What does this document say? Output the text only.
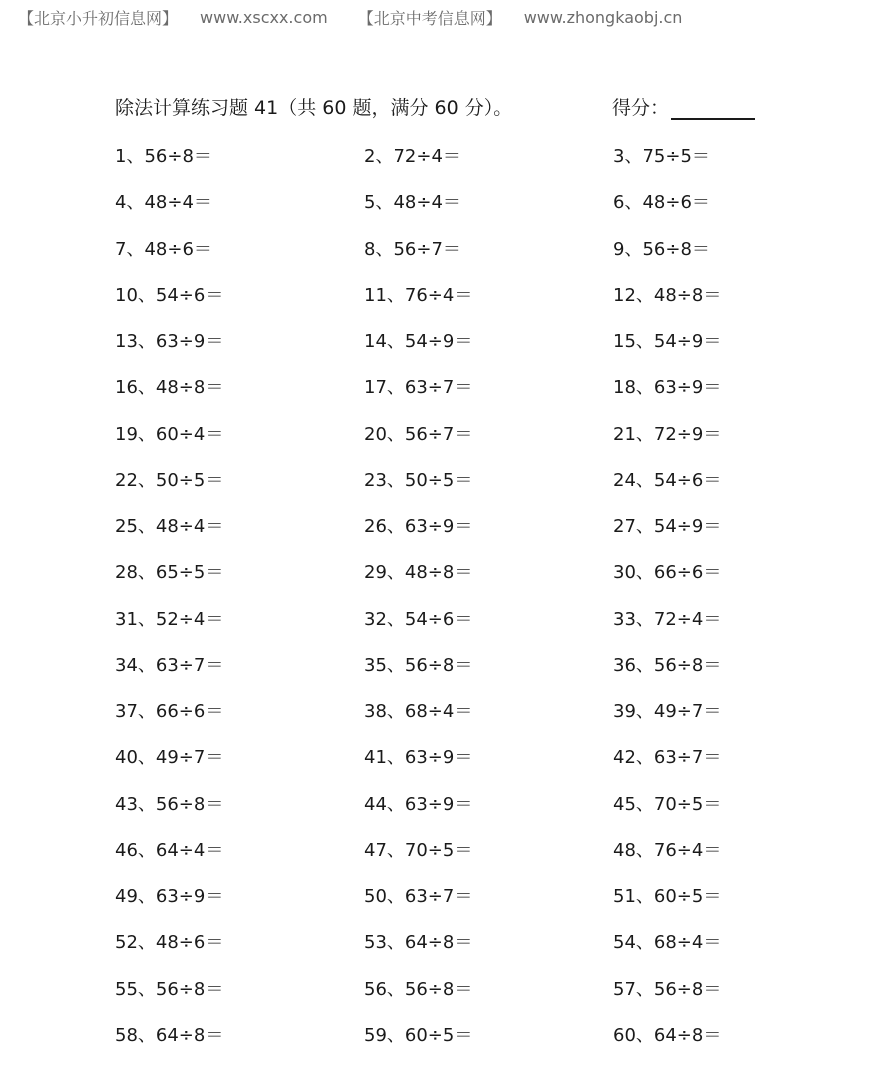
【北京小升初信息网】 www.xscxx.com 【北京中考信息网】 www.zhongkaobj.cn
除法计算练习题 41（共 60 题，满分 60 分）。	得分：
1、56÷8＝	2、72÷4＝	3、75÷5＝
4、48÷4＝	5、48÷4＝	6、48÷6＝
7、48÷6＝	8、56÷7＝	9、56÷8＝
10、54÷6＝	11、76÷4＝	12、48÷8＝
13、63÷9＝	14、54÷9＝	15、54÷9＝
16、48÷8＝	17、63÷7＝	18、63÷9＝
19、60÷4＝	20、56÷7＝	21、72÷9＝
22、50÷5＝	23、50÷5＝	24、54÷6＝
25、48÷4＝	26、63÷9＝	27、54÷9＝
28、65÷5＝	29、48÷8＝	30、66÷6＝
31、52÷4＝	32、54÷6＝	33、72÷4＝
34、63÷7＝	35、56÷8＝	36、56÷8＝
37、66÷6＝	38、68÷4＝	39、49÷7＝
40、49÷7＝	41、63÷9＝	42、63÷7＝
43、56÷8＝	44、63÷9＝	45、70÷5＝
46、64÷4＝	47、70÷5＝	48、76÷4＝
49、63÷9＝	50、63÷7＝	51、60÷5＝
52、48÷6＝	53、64÷8＝	54、68÷4＝
55、56÷8＝	56、56÷8＝	57、56÷8＝
58、64÷8＝	59、60÷5＝	60、64÷8＝
